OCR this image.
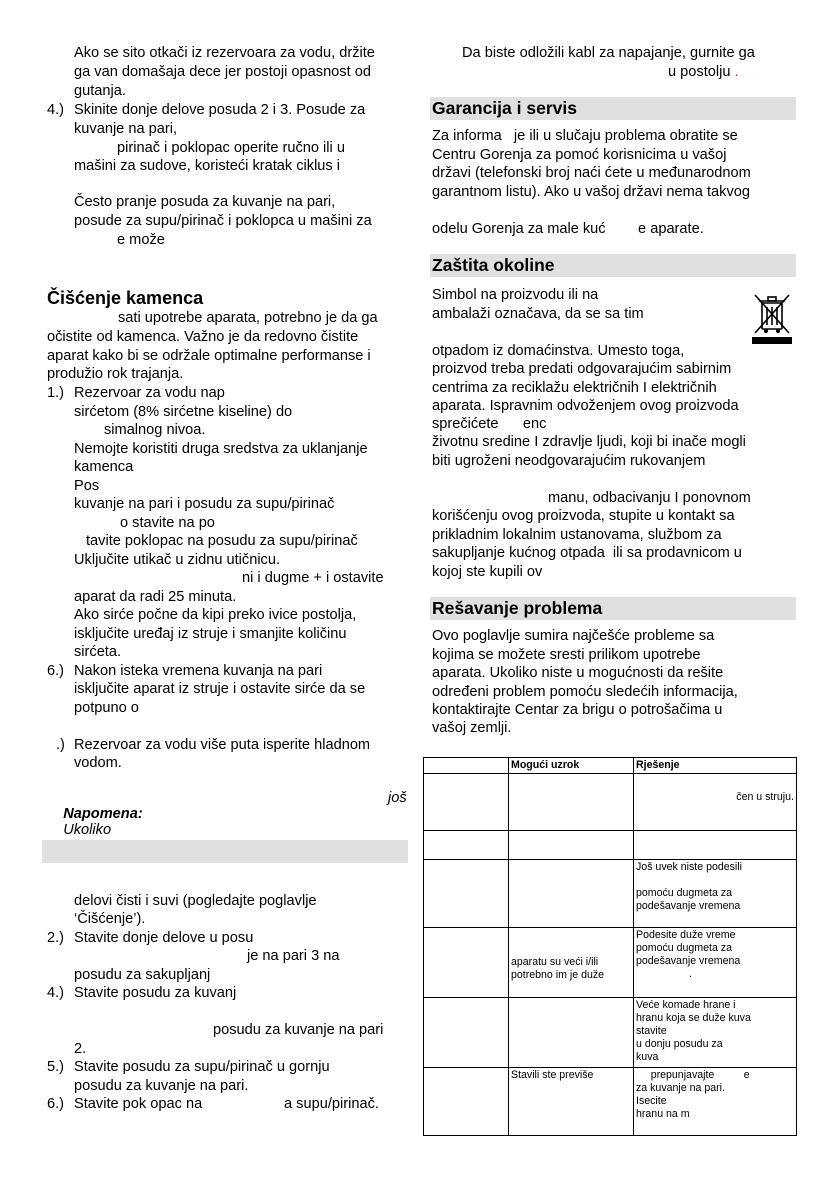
Ako se sito otkači iz rezervoara za vodu, držite
ga van domašaja dece jer postoji opasnost od
gutanja.
4.) Skinite donje delove posuda 2 i 3. Posude za
kuvanje na pari,
pirinač i poklopac operite ručno ili u
mašini za sudove, koristeći kratak ciklus i
Često pranje posuda za kuvanje na pari,
posude za supu/pirinač i poklopca u mašini za
e može
Čišćenje kamenca
sati upotrebe aparata, potrebno je da ga
očistite od kamenca. Važno je da redovno čistite
aparat kako bi se održale optimalne performanse i
produžio rok trajanja.
1.) Rezervoar za vodu nap
sirćetom (8% sirćetne kiseline) do
simalnog nivoa.
Nemojte koristiti druga sredstva za uklanjanje
kamenca
Pos
kuvanje na pari i posudu za supu/pirinač
o stavite na po
tavite poklopac na posudu za supu/pirinač
Uključite utikač u zidnu utičnicu.
ni i dugme + i ostavite
aparat da radi 25 minuta.
Ako sirće počne da kipi preko ivice postolja,
isključite uređaj iz struje i smanjite količinu
sirćeta.
6.) Nakon isteka vremena kuvanja na pari
isključite aparat iz struje i ostavite sirće da se
potpuno o
.) Rezervoar za vodu više puta isperite hladnom
vodom.

Napomena:
Ukoliko

još
delovi čisti i suvi (pogledajte poglavlje
‘Čišćenje’).
2.) Stavite donje delove u posu
je na pari 3 na
posudu za sakupljanj
4.) Stavite posudu za kuvanj
posudu za kuvanje na pari
2.
5.) Stavite posudu za supu/pirinač u gornju
posudu za kuvanje na pari.
6.) Stavite pok opac na	a supu/pirinač.
Da biste odložili kabl za napajanje, gurnite ga
u postolju .
Garancija i servis
Za informa   je ili u slučaju problema obratite se
Centru Gorenja za pomoć korisnicima u vašoj
državi (telefonski broj naći ćete u međunarodnom
garantnom listu). Ako u vašoj državi nema takvog
odelu Gorenja za male kuć        e aparate.
Zaštita okoline
Simbol na proizvodu ili na
ambalaži označava, da se sa tim
otpadom iz domaćinstva. Umesto toga,
proizvod treba predati odgovarajućim sabirnim
centrima za reciklažu električnih I električnih
aparata. Ispravnim odvoženjem ovog proizvoda
sprečićete      enc
životnu sredine I zdravlje ljudi, koji bi inače mogli
biti ugroženi neodgovarajućim rukovanjem
manu, odbacivanju I ponovnom
korišćenju ovog proizvoda, stupite u kontakt sa
prikladnim lokalnim ustanovama, službom za
sakupljanje kućnog otpada  ili sa prodavnicom u
kojoj ste kupili ov
Rešavanje problema
Ovo poglavlje sumira najčešće probleme sa
kojima se možete sresti prilikom upotrebe
aparata. Ukoliko niste u mogućnosti da rešite
određeni problem pomoću sledećih informacija,
kontaktirajte Centar za brigu o potrošačima u
vašoj zemlji.
	Mogući uzrok	Rješenje
		čen u struju.

		Još uvek niste podesili

pomoću dugmeta za
podešavanje vremena
	aparatu su veći i/ili
potrebno im je duže	Podesite duže vreme
pomoću dugmeta za
podešavanje vremena
.
		Veće komade hrane i
hranu koja se duže kuva
stavite
u donju posudu za
kuva
	Stavili ste previše	prepunjavajte          e
za kuvanje na pari.
Isecite
hranu na m
